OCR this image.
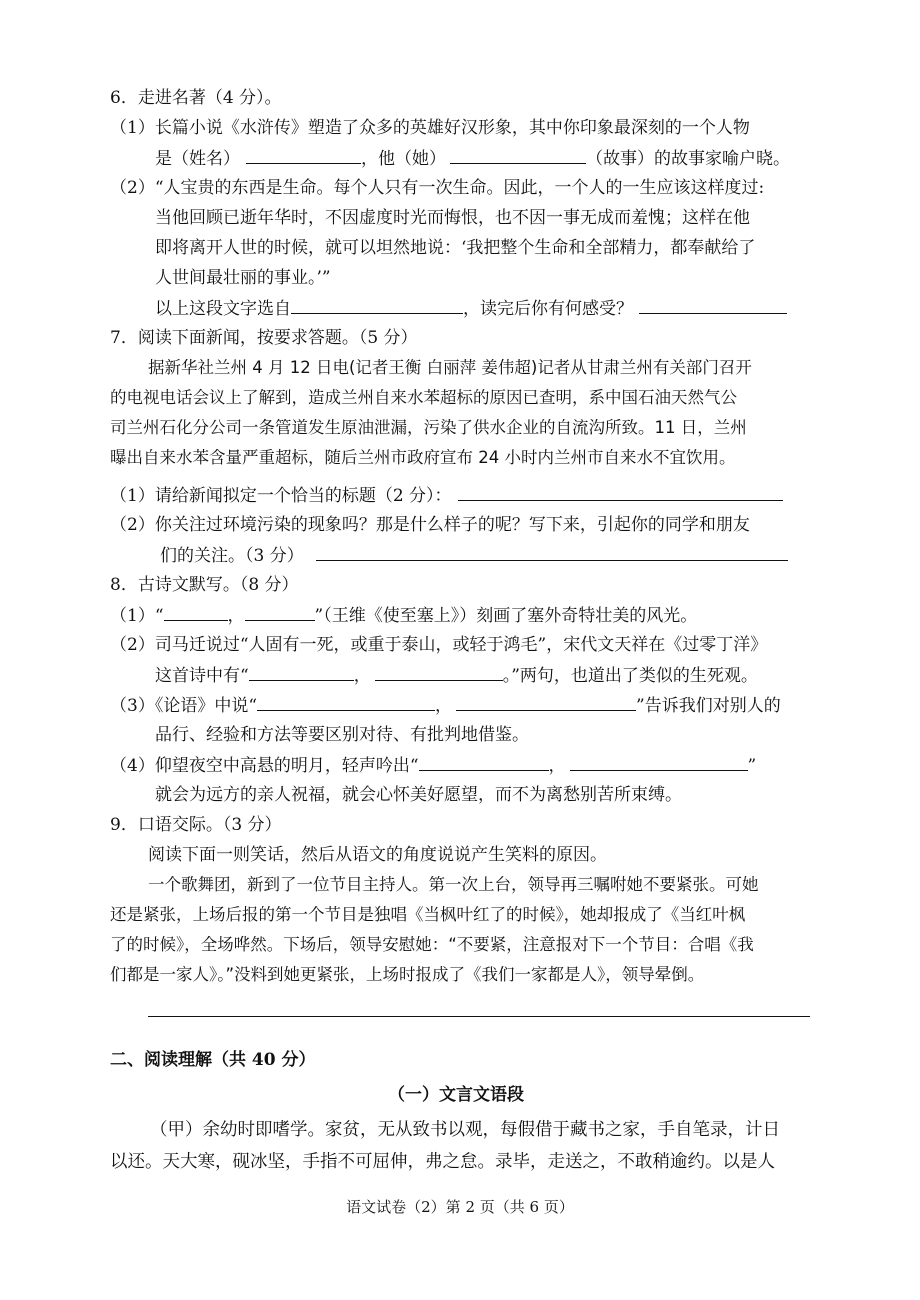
6．走进名著（4 分）。
（1）长篇小说《水浒传》塑造了众多的英雄好汉形象，其中你印象最深刻的一个人物
是（姓名）	，他（她）	（故事）的故事家喻户晓。
（2）“人宝贵的东西是生命。每个人只有一次生命。因此，一个人的一生应该这样度过:
当他回顾已逝年华时，不因虚度时光而悔恨，也不因一事无成而羞愧；这样在他
即将离开人世的时候，就可以坦然地说：‘我把整个生命和全部精力，都奉献给了
人世间最壮丽的事业。’”
以上这段文字选自	，读完后你有何感受？
7．阅读下面新闻，按要求答题。（5 分）
据新华社兰州 4 月 12 日电(记者王衡 白丽萍 姜伟超)记者从甘肃兰州有关部门召开
的电视电话会议上了解到，造成兰州自来水苯超标的原因已查明，系中国石油天然气公
司兰州石化分公司一条管道发生原油泄漏，污染了供水企业的自流沟所致。11 日，兰州
曝出自来水苯含量严重超标，随后兰州市政府宣布 24 小时内兰州市自来水不宜饮用。
（1）请给新闻拟定一个恰当的标题（2 分）：
（2）你关注过环境污染的现象吗？那是什么样子的呢？写下来，引起你的同学和朋友
们的关注。（3 分）
8．古诗文默写。（8 分）
（1）“	，	”（王维《使至塞上》）刻画了塞外奇特壮美的风光。
（2）司马迁说过“人固有一死，或重于泰山，或轻于鸿毛”，宋代文天祥在《过零丁洋》
这首诗中有“	，	。”两句，也道出了类似的生死观。
（3）《论语》中说“	，	”告诉我们对别人的
品行、经验和方法等要区别对待、有批判地借鉴。
（4）仰望夜空中高悬的明月，轻声吟出“	，	”
就会为远方的亲人祝福，就会心怀美好愿望，而不为离愁别苦所束缚。
9．口语交际。（3 分）
阅读下面一则笑话，然后从语文的角度说说产生笑料的原因。
一个歌舞团，新到了一位节目主持人。第一次上台，领导再三嘱咐她不要紧张。可她
还是紧张，上场后报的第一个节目是独唱《当枫叶红了的时候》，她却报成了《当红叶枫
了的时候》，全场哗然。下场后，领导安慰她：“不要紧，注意报对下一个节目：合唱《我
们都是一家人》。”没料到她更紧张，上场时报成了《我们一家都是人》，领导晕倒。
二、阅读理解（共 40 分）
（一）文言文语段
（甲）余幼时即嗜学。家贫，无从致书以观，每假借于藏书之家，手自笔录，计日
以还。天大寒，砚冰坚，手指不可屈伸，弗之怠。录毕，走送之，不敢稍逾约。以是人
语文试卷（2）第 2 页（共 6 页）
